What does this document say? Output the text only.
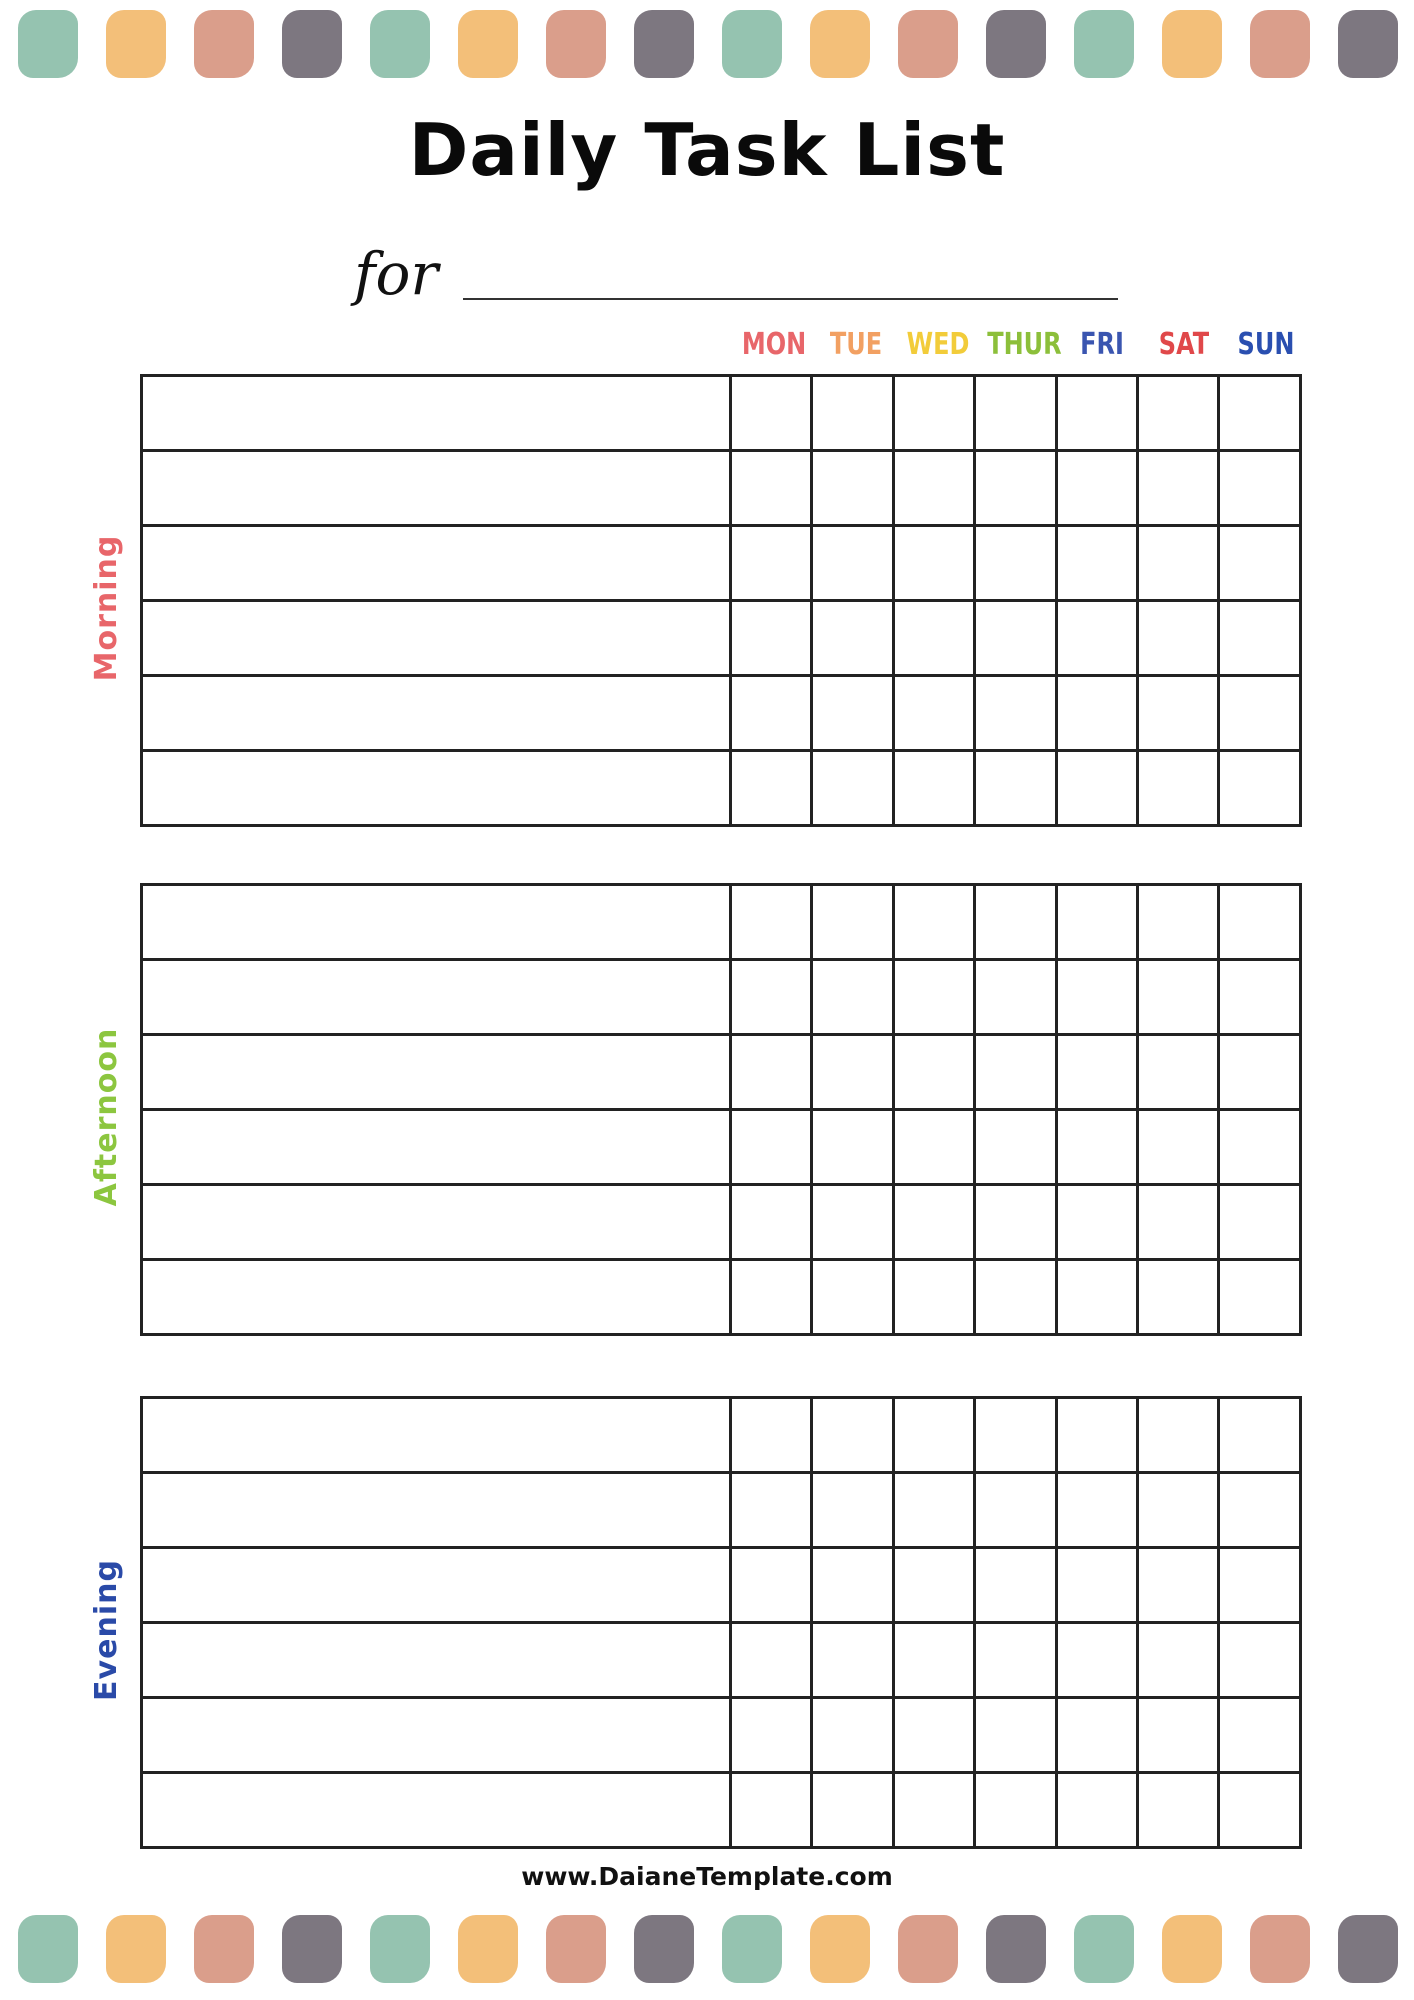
Daily Task List
for
MON TUE WED THUR FRI	SAT SUN

Morning

Afternoon

Evening
www.DaianeTemplate.com
